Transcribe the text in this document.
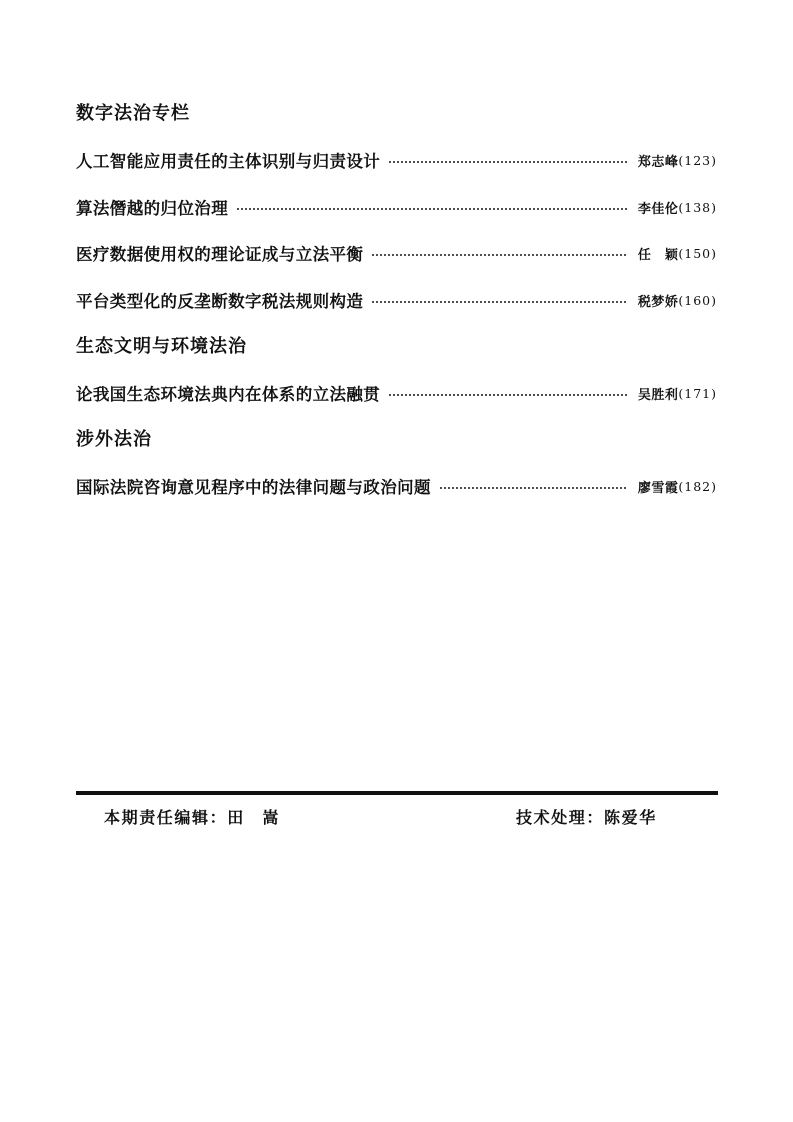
数字法治专栏
人工智能应用责任的主体识别与归责设计	郑志峰 (123)
算法僭越的归位治理	李佳伦 (138)
医疗数据使用权的理论证成与立法平衡	任　颖 (150)
平台类型化的反垄断数字税法规则构造	税梦娇 (160)
生态文明与环境法治
论我国生态环境法典内在体系的立法融贯	吴胜利 (171)
涉外法治
国际法院咨询意见程序中的法律问题与政治问题	廖雪霞 (182)
本期责任编辑：田　嵩	技术处理：陈爱华
